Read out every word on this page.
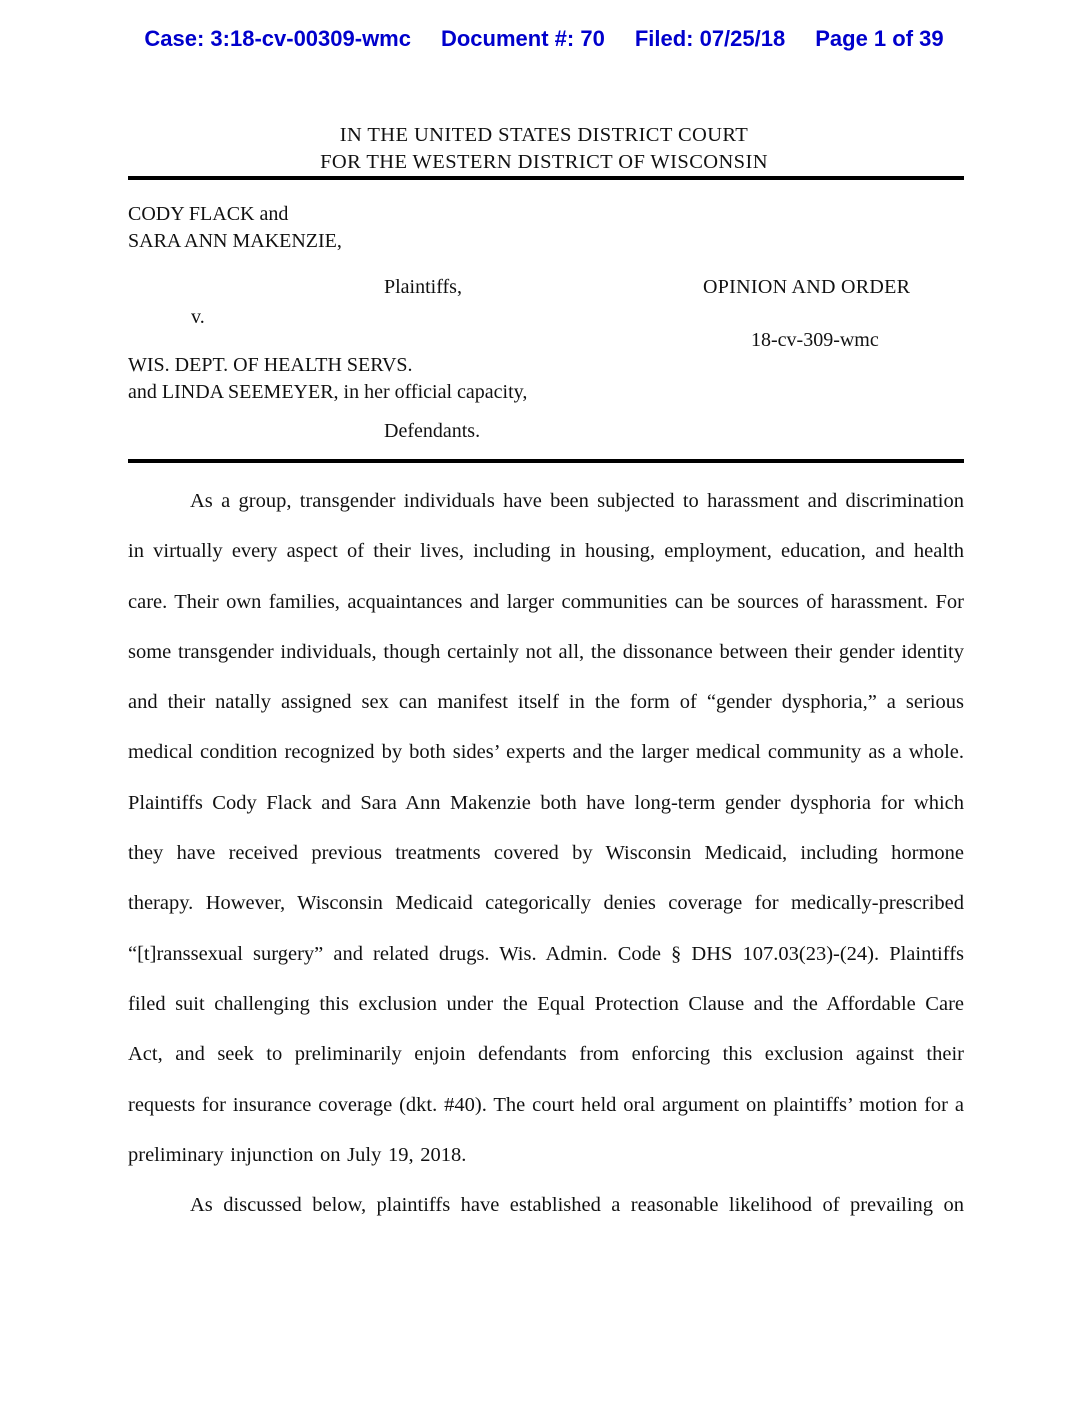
Case: 3:18-cv-00309-wmc Document #: 70 Filed: 07/25/18 Page 1 of 39
IN THE UNITED STATES DISTRICT COURT
FOR THE WESTERN DISTRICT OF WISCONSIN
CODY FLACK and
SARA ANN MAKENZIE,
Plaintiffs,	OPINION AND ORDER
v.
18-cv-309-wmc
WIS. DEPT. OF HEALTH SERVS.
and LINDA SEEMEYER, in her official capacity,
Defendants.

As a group, transgender individuals have been subjected to harassment and discrimination in virtually every aspect of their lives, including in housing, employment, education, and health care. Their own families, acquaintances and larger communities can be sources of harassment. For some transgender individuals, though certainly not all, the dissonance between their gender identity and their natally assigned sex can manifest itself in the form of “gender dysphoria,” a serious medical condition recognized by both sides’ experts and the larger medical community as a whole. Plaintiffs Cody Flack and Sara Ann Makenzie both have long-term gender dysphoria for which they have received previous treatments covered by Wisconsin Medicaid, including hormone therapy. However, Wisconsin Medicaid categorically denies coverage for medically-prescribed “[t]ranssexual surgery” and related drugs. Wis. Admin. Code § DHS 107.03(23)-(24). Plaintiffs filed suit challenging this exclusion under the Equal Protection Clause and the Affordable Care Act, and seek to preliminarily enjoin defendants from enforcing this exclusion against their requests for insurance coverage (dkt. #40). The court held oral argument on plaintiffs’ motion for a preliminary injunction on July 19, 2018.

As discussed below, plaintiffs have established a reasonable likelihood of prevailing on
